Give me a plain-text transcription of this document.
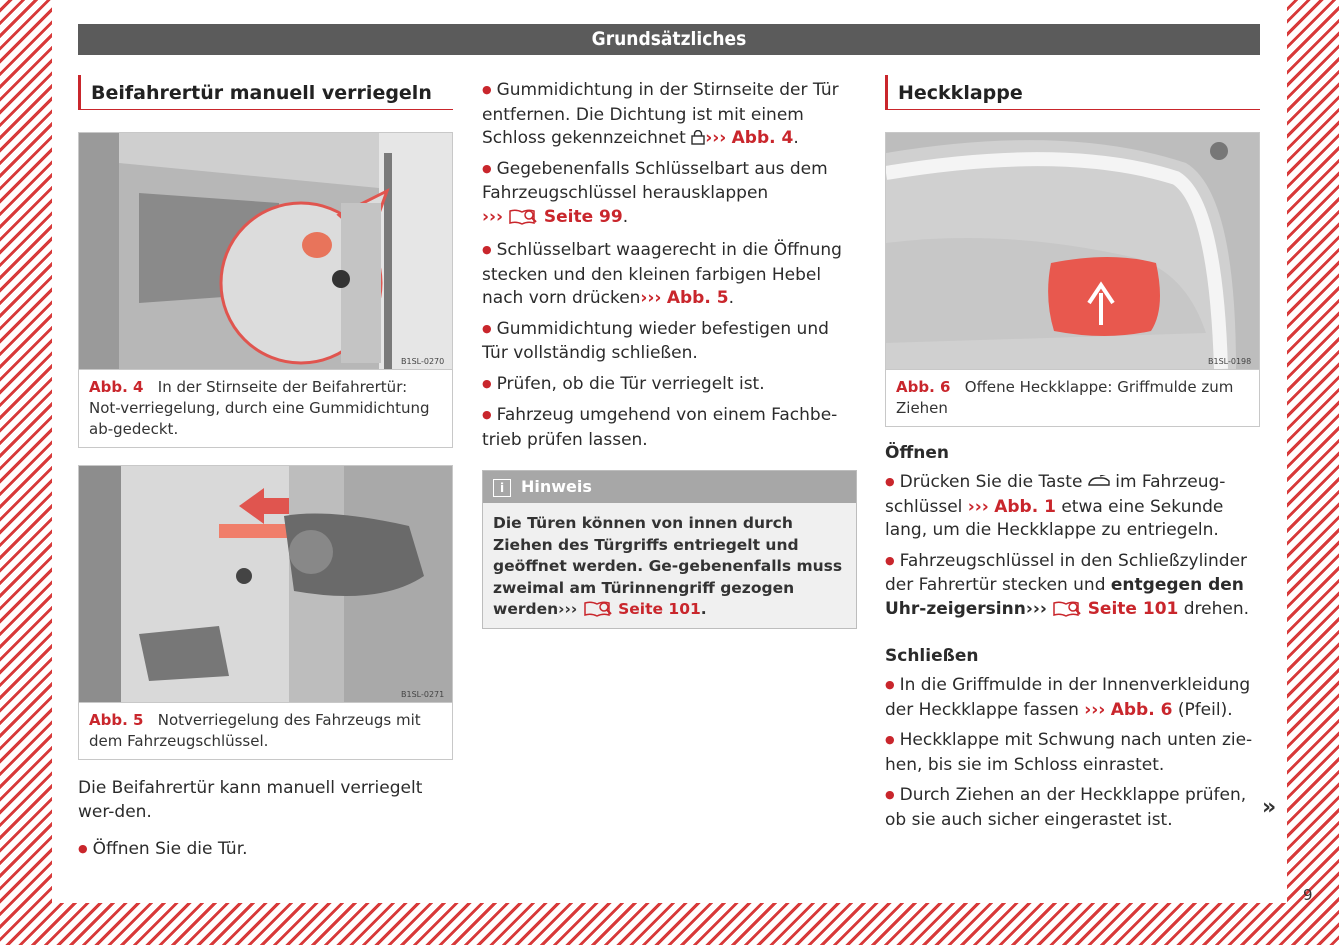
Grundsätzliches
Beifahrertür manuell verriegeln
B1SL-0270
Abb. 4 In der Stirnseite der Beifahrertür: Not-verriegelung, durch eine Gummidichtung ab-gedeckt.
B1SL-0271
Abb. 5 Notverriegelung des Fahrzeugs mit dem Fahrzeugschlüssel.

Die Beifahrertür kann manuell verriegelt wer-den.

● Öffnen Sie die Tür.

● Gummidichtung in der Stirnseite der Tür entfernen. Die Dichtung ist mit einem Schloss gekennzeichnet ››› Abb. 4.

● Gegebenenfalls Schlüsselbart aus dem Fahrzeugschlüssel herausklappen
››› Seite 99.

● Schlüsselbart waagerecht in die Öffnung stecken und den kleinen farbigen Hebel nach vorn drücken››› Abb. 5.

● Gummidichtung wieder befestigen und Tür vollständig schließen.

● Prüfen, ob die Tür verriegelt ist.

● Fahrzeug umgehend von einem Fachbe-trieb prüfen lassen.

i Hinweis
Die Türen können von innen durch Ziehen des Türgriffs entriegelt und geöffnet werden. Ge-gebenenfalls muss zweimal am Türinnengriff gezogen werden›››	Seite 101.
Heckklappe
B1SL-0198
Abb. 6 Offene Heckklappe: Griffmulde zum Ziehen
Öffnen

● Drücken Sie die Taste im Fahrzeug-schlüssel ››› Abb. 1 etwa eine Sekunde lang, um die Heckklappe zu entriegeln.

● Fahrzeugschlüssel in den Schließzylinder der Fahrertür stecken und entgegen den Uhr-zeigersinn››› Seite 101 drehen.

Schließen

● In die Griffmulde in der Innenverkleidung der Heckklappe fassen ››› Abb. 6 (Pfeil).

● Heckklappe mit Schwung nach unten zie-hen, bis sie im Schloss einrastet.

● Durch Ziehen an der Heckklappe prüfen, ob sie auch sicher eingerastet ist.	»
9
